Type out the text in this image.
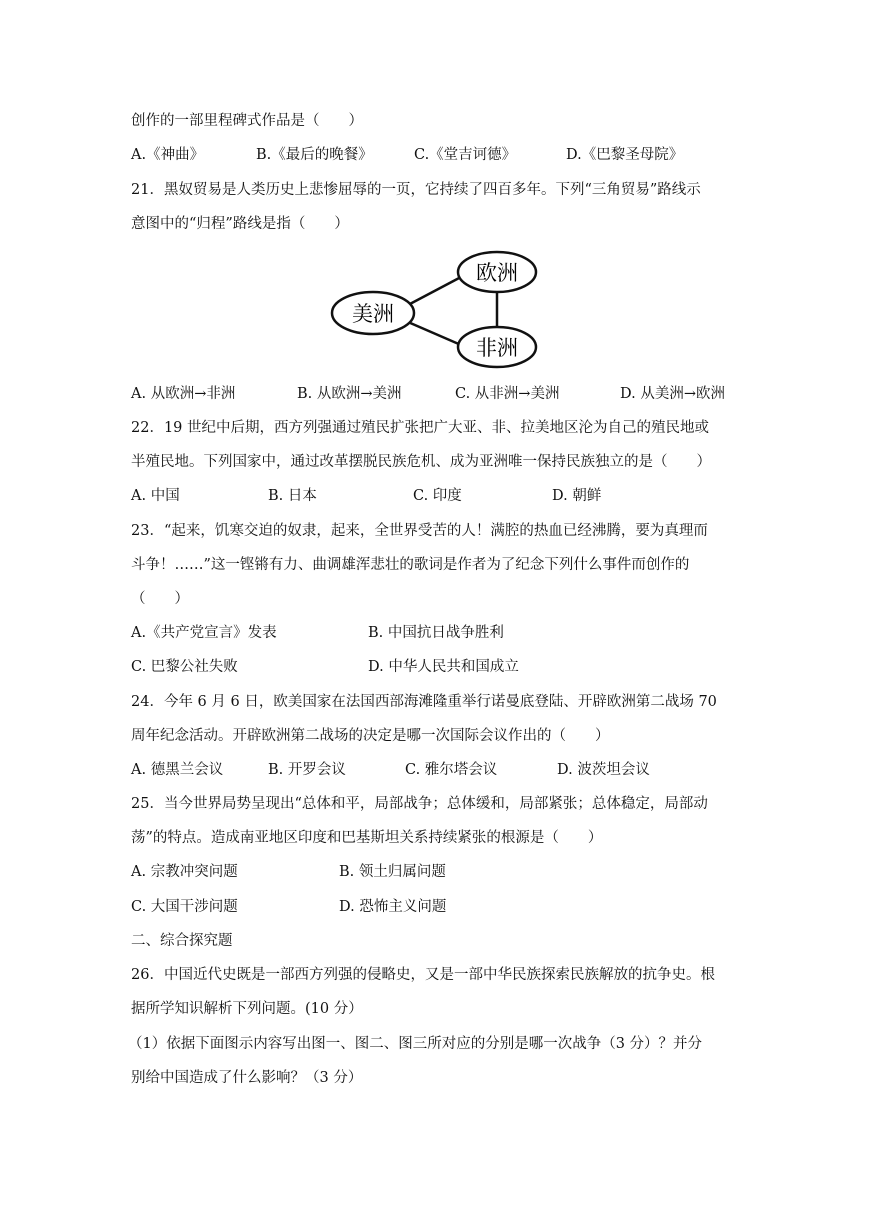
创作的一部里程碑式作品是（　　）
A.《神曲》	B.《最后的晚餐》	C.《堂吉诃德》	D.《巴黎圣母院》
21．黑奴贸易是人类历史上悲惨屈辱的一页，它持续了四百多年。下列“三角贸易”路线示
意图中的“归程”路线是指（　　）
欧洲
美洲
非洲
A. 从欧洲→非洲	B. 从欧洲→美洲	C. 从非洲→美洲	D. 从美洲→欧洲
22．19 世纪中后期，西方列强通过殖民扩张把广大亚、非、拉美地区沦为自己的殖民地或
半殖民地。下列国家中，通过改革摆脱民族危机、成为亚洲唯一保持民族独立的是（　　）
A. 中国	B. 日本	C. 印度	D. 朝鲜
23．“起来，饥寒交迫的奴隶，起来，全世界受苦的人！满腔的热血已经沸腾，要为真理而
斗争！……”这一铿锵有力、曲调雄浑悲壮的歌词是作者为了纪念下列什么事件而创作的
（　　）
A.《共产党宣言》发表	B. 中国抗日战争胜利
C. 巴黎公社失败	D. 中华人民共和国成立
24．今年 6 月 6 日，欧美国家在法国西部海滩隆重举行诺曼底登陆、开辟欧洲第二战场 70
周年纪念活动。开辟欧洲第二战场的决定是哪一次国际会议作出的（　　）
A. 德黑兰会议	B. 开罗会议	C. 雅尔塔会议	D. 波茨坦会议
25．当今世界局势呈现出“总体和平，局部战争；总体缓和，局部紧张；总体稳定，局部动
荡”的特点。造成南亚地区印度和巴基斯坦关系持续紧张的根源是（　　）
A. 宗教冲突问题	B. 领土归属问题
C. 大国干涉问题	D. 恐怖主义问题
二、综合探究题
26．中国近代史既是一部西方列强的侵略史，又是一部中华民族探索民族解放的抗争史。根
据所学知识解析下列问题。(10 分）
（1）依据下面图示内容写出图一、图二、图三所对应的分别是哪一次战争（3 分）？并分
别给中国造成了什么影响？（3 分）
